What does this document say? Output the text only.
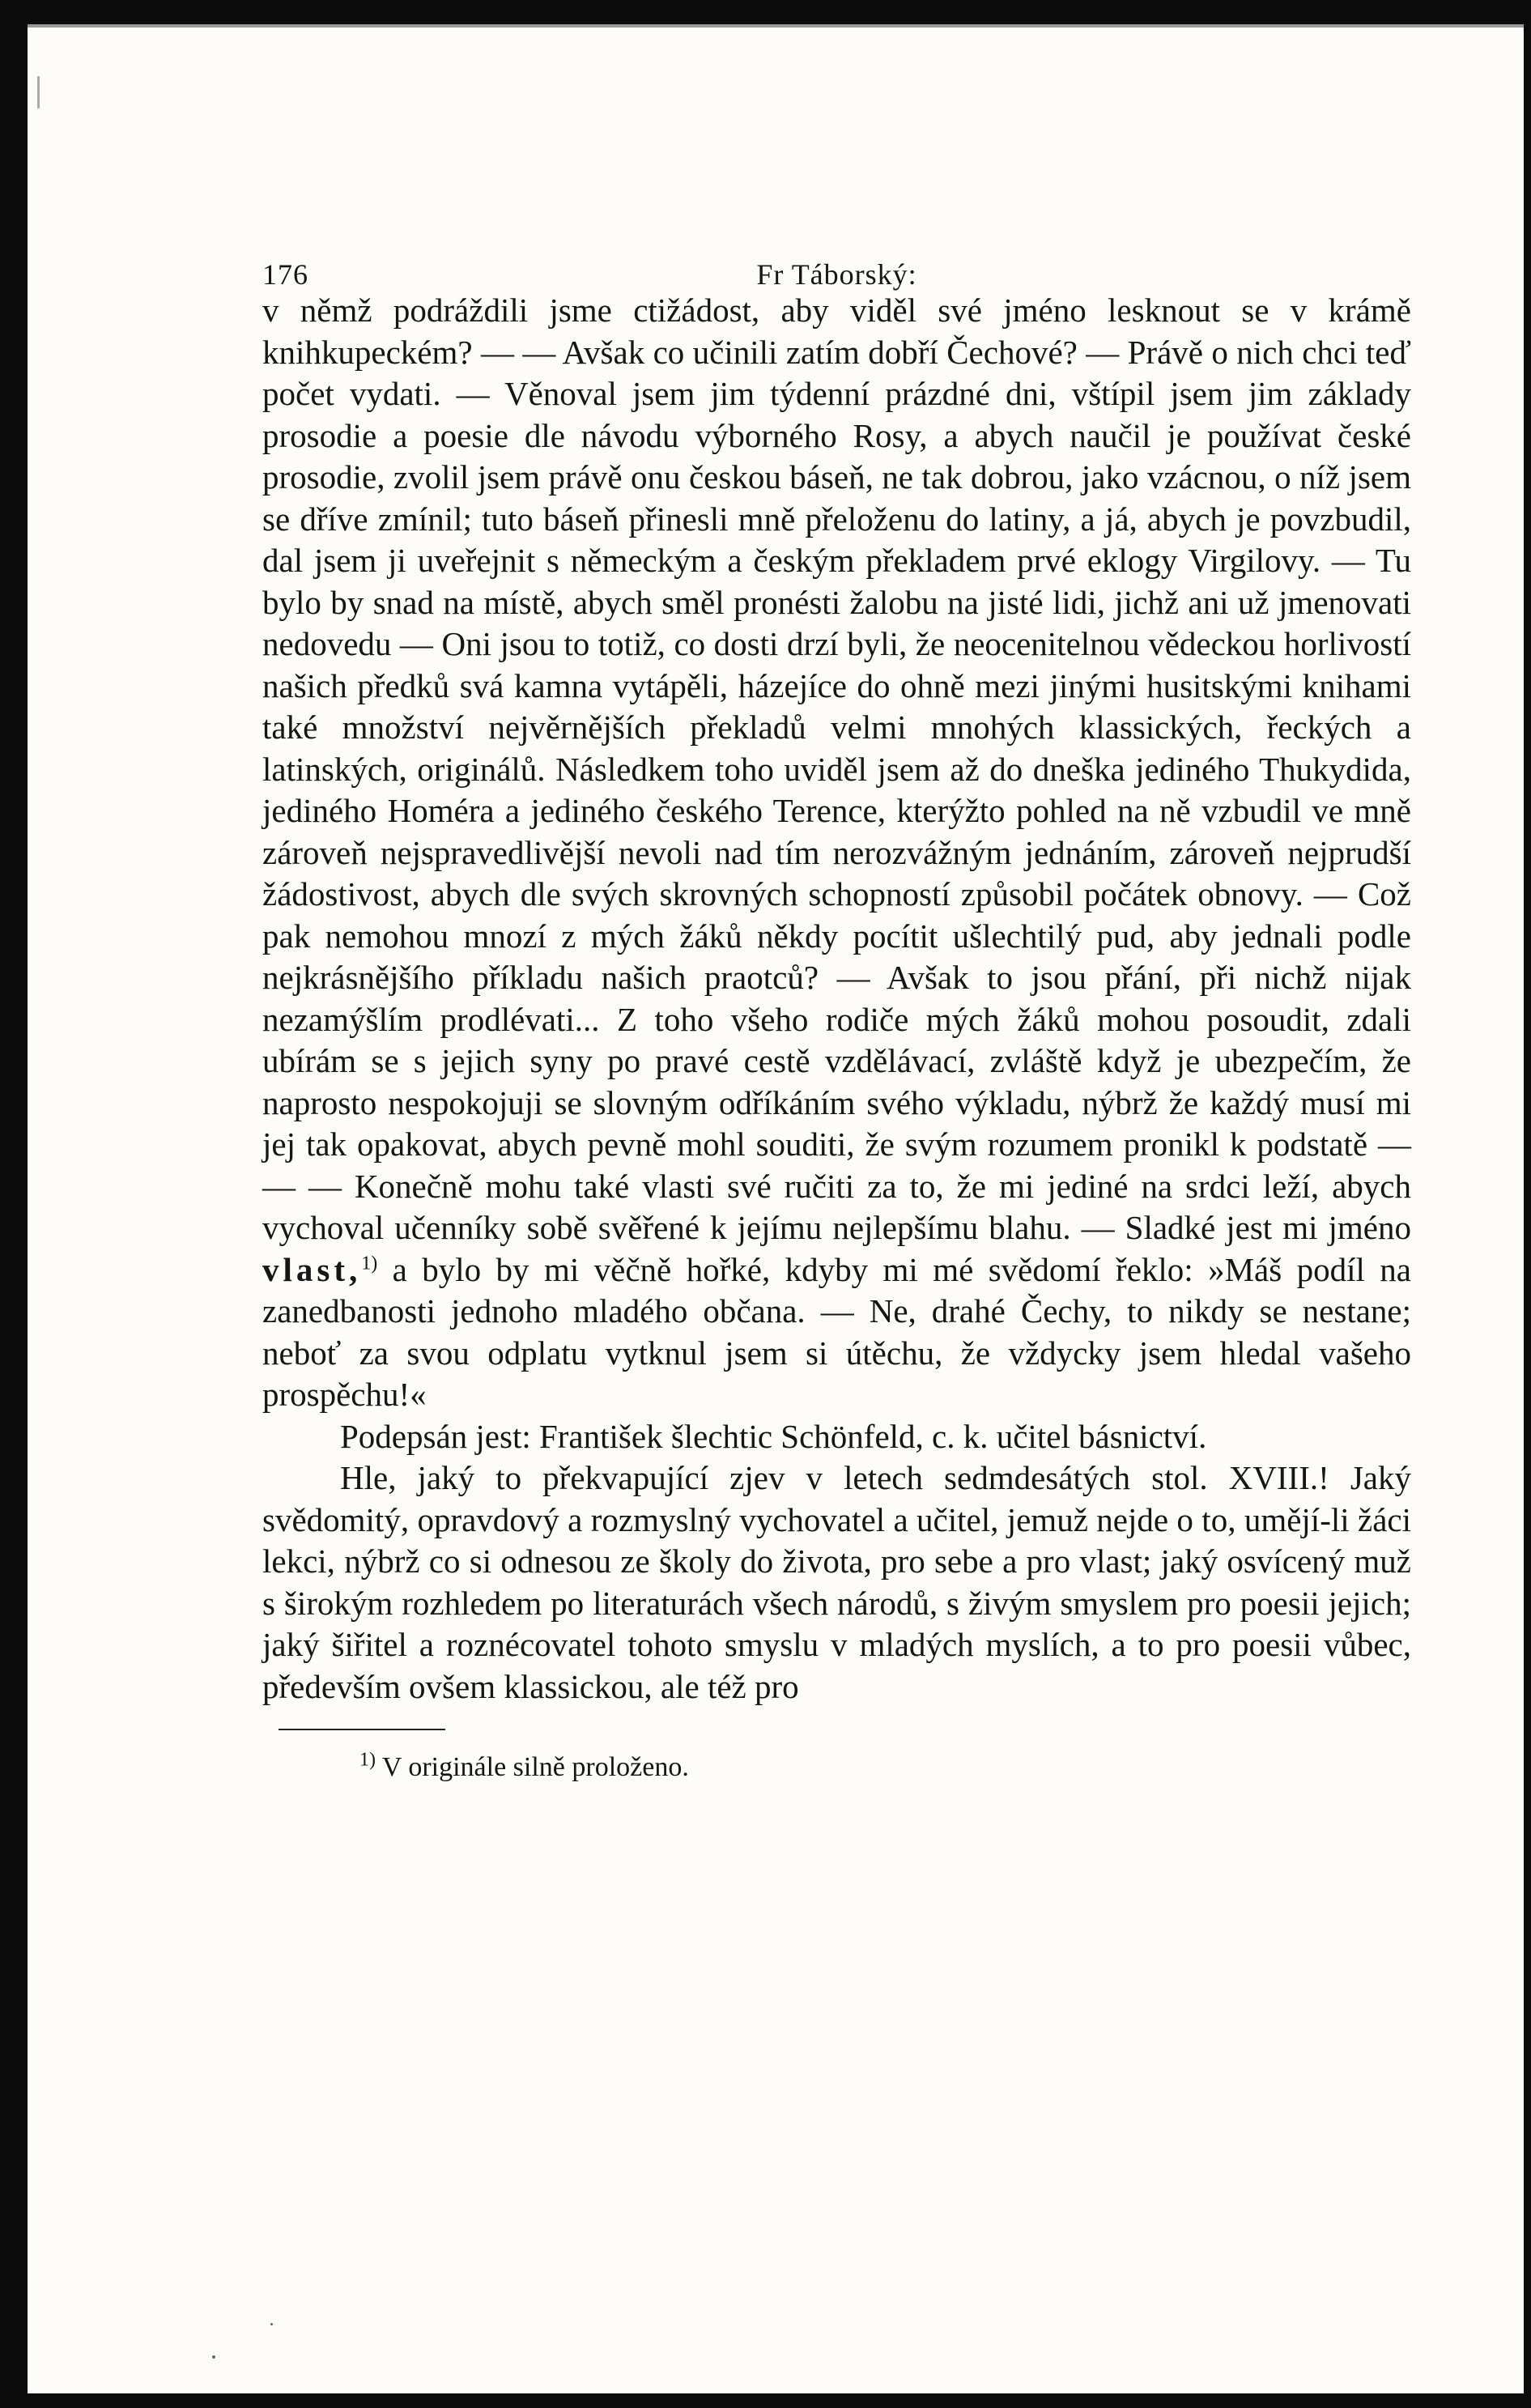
176	Fr Táborský:

v němž podráždili jsme ctižádost, aby viděl své jméno lesknout se v krámě knihkupeckém? — — Avšak co učinili zatím dobří Čechové? — Právě o nich chci teď počet vydati. — Věnoval jsem jim týdenní prázdné dni, vštípil jsem jim základy prosodie a poesie dle návodu výborného Rosy, a abych naučil je používat české prosodie, zvolil jsem právě onu českou báseň, ne tak dobrou, jako vzácnou, o níž jsem se dříve zmínil; tuto báseň přinesli mně přeloženu do latiny, a já, abych je povzbudil, dal jsem ji uveřejnit s německým a českým překladem prvé eklogy Virgilovy. — Tu bylo by snad na místě, abych směl pronésti žalobu na jisté lidi, jichž ani už jmenovati nedovedu — Oni jsou to totiž, co dosti drzí byli, že neocenitelnou vědeckou horlivostí našich předků svá kamna vytápěli, házejíce do ohně mezi jinými husitskými knihami také množství nejvěrnějších překladů velmi mnohých klassických, řeckých a latinských, originálů. Následkem toho uviděl jsem až do dneška jediného Thukydida, jediného Homéra a jediného českého Terence, kterýžto pohled na ně vzbudil ve mně zároveň nejspravedlivější nevoli nad tím nerozvážným jednáním, zároveň nejprudší žádostivost, abych dle svých skrovných schopností způsobil počátek obnovy. — Což pak nemohou mnozí z mých žáků někdy pocítit ušlechtilý pud, aby jednali podle nejkrásnějšího příkladu našich praotců? — Avšak to jsou přání, při nichž nijak nezamýšlím prodlévati... Z toho všeho rodiče mých žáků mohou posoudit, zdali ubírám se s jejich syny po pravé cestě vzdělávací, zvláště když je ubezpečím, že naprosto nespokojuji se slovným odříkáním svého výkladu, nýbrž že každý musí mi jej tak opakovat, abych pevně mohl souditi, že svým rozumem pronikl k podstatě — — — Konečně mohu také vlasti své ručiti za to, že mi jediné na srdci leží, abych vychoval učenníky sobě svěřené k jejímu nejlepšímu blahu. — Sladké jest mi jméno vlast,$^{1)}$ a bylo by mi věčně hořké, kdyby mi mé svědomí řeklo: »Máš podíl na zanedbanosti jednoho mladého občana. — Ne, drahé Čechy, to nikdy se nestane; neboť za svou odplatu vytknul jsem si útěchu, že vždycky jsem hledal vašeho prospěchu!«

Podepsán jest: František šlechtic Schönfeld, c. k. učitel básnictví.

Hle, jaký to překvapující zjev v letech sedmdesátých stol. XVIII.! Jaký svědomitý, opravdový a rozmyslný vychovatel a učitel, jemuž nejde o to, umějí-li žáci lekci, nýbrž co si odnesou ze školy do života, pro sebe a pro vlast; jaký osvícený muž s širokým rozhledem po literaturách všech národů, s živým smyslem pro poesii jejich; jaký šiřitel a roznécovatel tohoto smyslu v mladých myslích, a to pro poesii vůbec, především ovšem klassickou, ale též pro

$^{1)}$ V originále silně proloženo.
